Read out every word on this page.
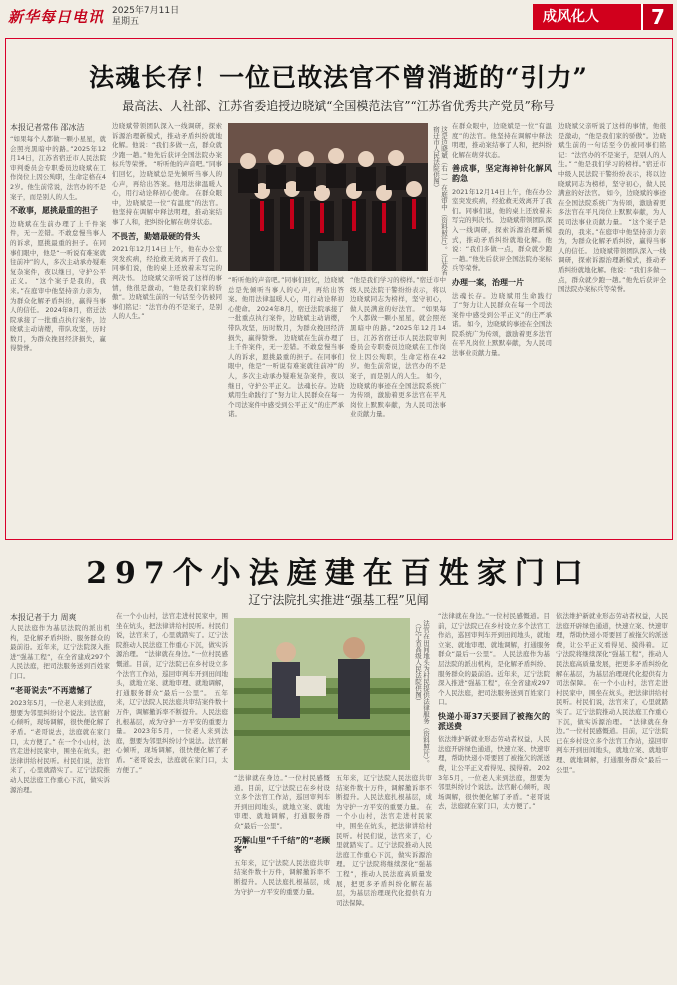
新华每日电讯 2025年7月11日
星期五	成风化人	7
法魂长存！一位已故法官不曾消逝的“引力”
最高法、人社部、江苏省委追授边晓斌“全国模范法官”“江苏省优秀共产党员”称号
本报记者常伟 邵冰洁
“如果每个人都做一颗小星星，就会照亮黑暗中的路。”2025年12月14日，江苏省宿迁市人民法院审判委员会专职委员边晓斌在工作岗位上因公殉职，生命定格在42岁。他生前常说，法官办的不是案子，而是别人的人生。
不敢事，愿挑最重的担子
边晓斌在生前办理了上千件案件，无一差错。不敢怠慢当事人的诉求，愿挑最重的担子。在同事们眼中，他是“一听说有难案就往前冲”的人，多次主动承办疑难复杂案件，夜以继日，守护公平正义。 “这个案子是我的，我来。”在庭审中他坚持亲力亲为，为群众化解矛盾纠纷，赢得当事人的信任。 2024年8月，宿迁法院承接了一批重点执行案件，边晓斌主动请缨，带队攻坚，历时数月，为群众挽回经济损失，赢得赞誉。
边晓斌带领团队深入一线调研，探索诉源治理新模式，推动矛盾纠纷就地化解。他说：“我们多做一点，群众就少跑一趟。”他先后获评全国法院办案标兵等荣誉。 “听听他的声音吧。”同事们回忆，边晓斌总是先倾听当事人的心声，再给出答案。他用法律温暖人心，用行动诠释初心使命。 在群众眼中，边晓斌是一位“有温度”的法官。他坚持在调解中释法明理，推动案结事了人和，把纠纷化解在萌芽状态。
不畏苦，勤嬉最硬的骨头
2021年12月14日上午，他在办公室突发疾病，经抢救无效离开了我们。同事们说，他的桌上还放着未写完的判决书。 边晓斌父亲听说了这样的事情，他很是激动，“他是我们家的骄傲”。边晓斌生前的一句话至今仍被同事们铭记：“法官办的不是案子，是别人的人生。”
这是边晓斌（右一）在庭审中（资料照片）。（江苏省宿迁市人民法院供图）
“听听他的声音吧。”同事们回忆，边晓斌总是先倾听当事人的心声，再给出答案。他用法律温暖人心，用行动诠释初心使命。 2024年8月，宿迁法院承接了一批重点执行案件，边晓斌主动请缨，带队攻坚，历时数月，为群众挽回经济损失，赢得赞誉。 边晓斌在生前办理了上千件案件，无一差错。不敢怠慢当事人的诉求，愿挑最重的担子。在同事们眼中，他是“一听说有难案就往前冲”的人，多次主动承办疑难复杂案件，夜以继日，守护公平正义。 法魂长存。边晓斌用生命践行了“努力让人民群众在每一个司法案件中感受到公平正义”的庄严承诺。
“他是我们学习的榜样。”宿迁市中级人民法院干警纷纷表示，将以边晓斌同志为榜样，坚守初心，做人民满意的好法官。 “如果每个人都做一颗小星星，就会照亮黑暗中的路。”2025年12月14日，江苏省宿迁市人民法院审判委员会专职委员边晓斌在工作岗位上因公殉职，生命定格在42岁。他生前常说，法官办的不是案子，而是别人的人生。 如今，边晓斌的事迹在全国法院系统广为传颂，激励着更多法官在平凡岗位上默默奉献，为人民司法事业贡献力量。
在群众眼中，边晓斌是一位“有温度”的法官。他坚持在调解中释法明理，推动案结事了人和，把纠纷化解在萌芽状态。
善成事，坚定海神针化解风韵急
2021年12月14日上午，他在办公室突发疾病，经抢救无效离开了我们。同事们说，他的桌上还放着未写完的判决书。 边晓斌带领团队深入一线调研，探索诉源治理新模式，推动矛盾纠纷就地化解。他说：“我们多做一点，群众就少跑一趟。”他先后获评全国法院办案标兵等荣誉。
办理一案，治理一片
法魂长存。边晓斌用生命践行了“努力让人民群众在每一个司法案件中感受到公平正义”的庄严承诺。 如今，边晓斌的事迹在全国法院系统广为传颂，激励着更多法官在平凡岗位上默默奉献，为人民司法事业贡献力量。
边晓斌父亲听说了这样的事情，他很是激动，“他是我们家的骄傲”。边晓斌生前的一句话至今仍被同事们铭记：“法官办的不是案子，是别人的人生。” “他是我们学习的榜样。”宿迁市中级人民法院干警纷纷表示，将以边晓斌同志为榜样，坚守初心，做人民满意的好法官。 如今，边晓斌的事迹在全国法院系统广为传颂，激励着更多法官在平凡岗位上默默奉献，为人民司法事业贡献力量。 “这个案子是我的，我来。”在庭审中他坚持亲力亲为，为群众化解矛盾纠纷，赢得当事人的信任。 边晓斌带领团队深入一线调研，探索诉源治理新模式，推动矛盾纠纷就地化解。他说：“我们多做一点，群众就少跑一趟。”他先后获评全国法院办案标兵等荣誉。
297个小法庭建在百姓家门口
辽宁法院扎实推进“强基工程”见闻
本报记者于力 周爽
人民法庭作为基层法院的派出机构，是化解矛盾纠纷、服务群众的最前沿。近年来，辽宁法院深入推进“强基工程”，在全省建成297个人民法庭，把司法服务送到百姓家门口。
“老哥说去”不再遗憾了
2023年5月，一位老人来到法庭，想要为邻里纠纷讨个说法。法官耐心倾听，现场调解，很快便化解了矛盾。“老哥说去，法庭就在家门口，太方便了。” 在一个小山村，法官走进村民家中，围坐在炕头，把法律讲给村民听。村民们说，法官来了，心里就踏实了。辽宁法院推动人民法庭工作重心下沉，做实诉源治理。
在一个小山村，法官走进村民家中，围坐在炕头，把法律讲给村民听。村民们说，法官来了，心里就踏实了。辽宁法院推动人民法庭工作重心下沉，做实诉源治理。 “法律就在身边。”一位村民感慨道。目前，辽宁法院已在乡村设立多个法官工作站，巡回审判车开到田间地头，就地立案、就地审理、就地调解，打通服务群众“最后一公里”。 五年来，辽宁法院人民法庭共审结案件数十万件，调解撤诉率不断提升。人民法庭扎根基层，成为守护一方平安的重要力量。 2023年5月，一位老人来到法庭，想要为邻里纠纷讨个说法。法官耐心倾听，现场调解，很快便化解了矛盾。“老哥说去，法庭就在家门口，太方便了。”
法官在田间地头为村民提供法律服务（资料照片）。（辽宁省高级人民法院供图）
“法律就在身边。”一位村民感慨道。目前，辽宁法院已在乡村设立多个法官工作站，巡回审判车开到田间地头，就地立案、就地审理、就地调解，打通服务群众“最后一公里”。
巧解山里“千千结”的“老顾客”
五年来，辽宁法院人民法庭共审结案件数十万件，调解撤诉率不断提升。人民法庭扎根基层，成为守护一方平安的重要力量。
五年来，辽宁法院人民法庭共审结案件数十万件，调解撤诉率不断提升。人民法庭扎根基层，成为守护一方平安的重要力量。 在一个小山村，法官走进村民家中，围坐在炕头，把法律讲给村民听。村民们说，法官来了，心里就踏实了。辽宁法院推动人民法庭工作重心下沉，做实诉源治理。 辽宁法院将继续深化“强基工程”，推动人民法庭高质量发展，把更多矛盾纠纷化解在基层，为基层治理现代化提供有力司法保障。
“法律就在身边。”一位村民感慨道。目前，辽宁法院已在乡村设立多个法官工作站，巡回审判车开到田间地头，就地立案、就地审理、就地调解，打通服务群众“最后一公里”。 人民法庭作为基层法院的派出机构，是化解矛盾纠纷、服务群众的最前沿。近年来，辽宁法院深入推进“强基工程”，在全省建成297个人民法庭，把司法服务送到百姓家门口。
快递小哥37天要回了被拖欠的派送费
依法维护新就业形态劳动者权益，人民法庭开辟绿色通道，快速立案、快速审理，帮助快递小哥要回了被拖欠的派送费，让公平正义看得见、摸得着。 2023年5月，一位老人来到法庭，想要为邻里纠纷讨个说法。法官耐心倾听，现场调解，很快便化解了矛盾。“老哥说去，法庭就在家门口，太方便了。”
依法维护新就业形态劳动者权益，人民法庭开辟绿色通道，快速立案、快速审理，帮助快递小哥要回了被拖欠的派送费，让公平正义看得见、摸得着。 辽宁法院将继续深化“强基工程”，推动人民法庭高质量发展，把更多矛盾纠纷化解在基层，为基层治理现代化提供有力司法保障。 在一个小山村，法官走进村民家中，围坐在炕头，把法律讲给村民听。村民们说，法官来了，心里就踏实了。辽宁法院推动人民法庭工作重心下沉，做实诉源治理。 “法律就在身边。”一位村民感慨道。目前，辽宁法院已在乡村设立多个法官工作站，巡回审判车开到田间地头，就地立案、就地审理、就地调解，打通服务群众“最后一公里”。
